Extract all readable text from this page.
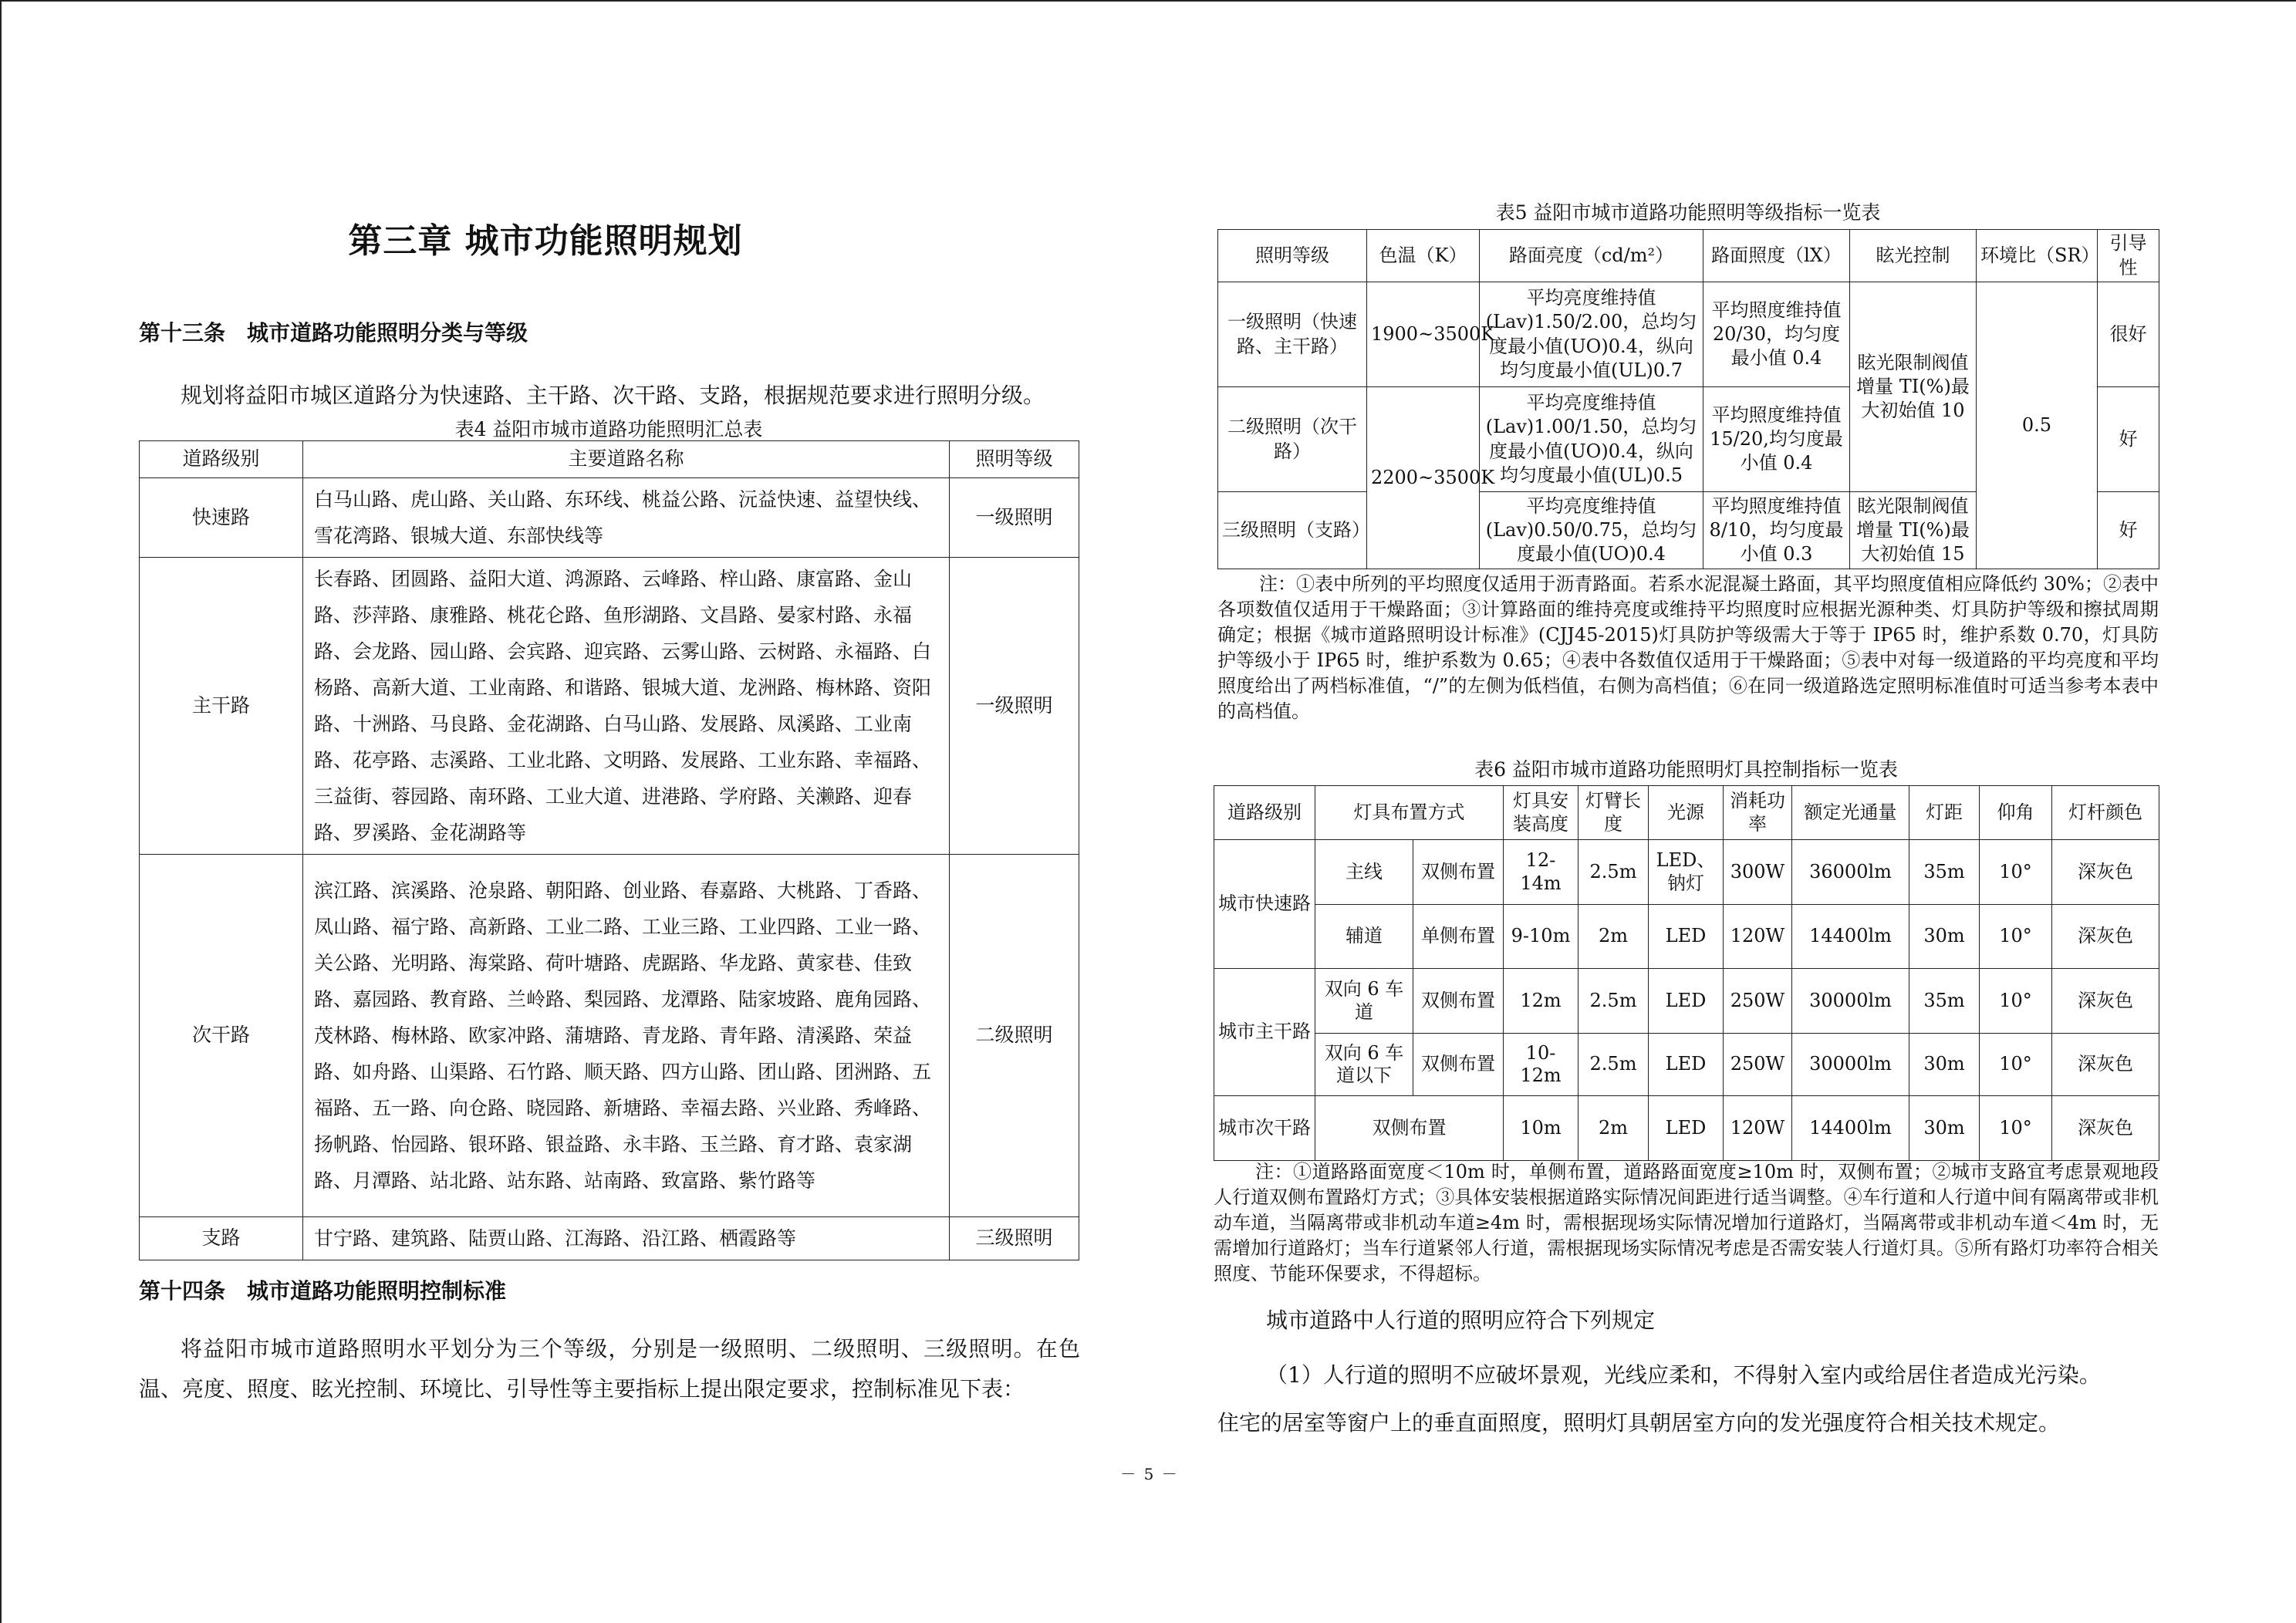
第三章 城市功能照明规划
第十三条　城市道路功能照明分类与等级
规划将益阳市城区道路分为快速路、主干路、次干路、支路，根据规范要求进行照明分级。
表4 益阳市城市道路功能照明汇总表
道路级别	主要道路名称	照明等级
快速路	白马山路、虎山路、关山路、东环线、桃益公路、沅益快速、益望快线、雪花湾路、银城大道、东部快线等	一级照明
主干路	长春路、团圆路、益阳大道、鸿源路、云峰路、梓山路、康富路、金山路、莎萍路、康雅路、桃花仑路、鱼形湖路、文昌路、晏家村路、永福路、会龙路、园山路、会宾路、迎宾路、云雾山路、云树路、永福路、白杨路、高新大道、工业南路、和谐路、银城大道、龙洲路、梅林路、资阳路、十洲路、马良路、金花湖路、白马山路、发展路、凤溪路、工业南路、花亭路、志溪路、工业北路、文明路、发展路、工业东路、幸福路、三益街、蓉园路、南环路、工业大道、进港路、学府路、关濑路、迎春路、罗溪路、金花湖路等	一级照明
次干路	滨江路、滨溪路、沧泉路、朝阳路、创业路、春嘉路、大桃路、丁香路、凤山路、福宁路、高新路、工业二路、工业三路、工业四路、工业一路、关公路、光明路、海棠路、荷叶塘路、虎踞路、华龙路、黄家巷、佳致路、嘉园路、教育路、兰岭路、梨园路、龙潭路、陆家坡路、鹿角园路、茂林路、梅林路、欧家冲路、蒲塘路、青龙路、青年路、清溪路、荣益路、如舟路、山渠路、石竹路、顺天路、四方山路、团山路、团洲路、五福路、五一路、向仓路、晓园路、新塘路、幸福去路、兴业路、秀峰路、扬帆路、怡园路、银环路、银益路、永丰路、玉兰路、育才路、袁家湖路、月潭路、站北路、站东路、站南路、致富路、紫竹路等	二级照明
支路	甘宁路、建筑路、陆贾山路、江海路、沿江路、栖霞路等	三级照明
第十四条　城市道路功能照明控制标准
将益阳市城市道路照明水平划分为三个等级，分别是一级照明、二级照明、三级照明。在色温、亮度、照度、眩光控制、环境比、引导性等主要指标上提出限定要求，控制标准见下表：
表5 益阳市城市道路功能照明等级指标一览表
照明等级	色温（K）	路面亮度（cd/m²）	路面照度（lX）	眩光控制	环境比（SR）	引导性
一级照明（快速路、主干路）	1900~3500K	平均亮度维持值(Lav)1.50/2.00，总均匀度最小值(UO)0.4，纵向均匀度最小值(UL)0.7	平均照度维持值20/30，均匀度最小值 0.4	眩光限制阀值增量 TI(%)最大初始值 10	0.5	很好
二级照明（次干路）	2200~3500K	平均亮度维持值(Lav)1.00/1.50，总均匀度最小值(UO)0.4，纵向均匀度最小值(UL)0.5	平均照度维持值15/20,均匀度最小值 0.4			好
三级照明（支路）		平均亮度维持值(Lav)0.50/0.75，总均匀度最小值(UO)0.4	平均照度维持值8/10，均匀度最小值 0.3	眩光限制阀值增量 TI(%)最大初始值 15		好
注：①表中所列的平均照度仅适用于沥青路面。若系水泥混凝土路面，其平均照度值相应降低约 30%；②表中各项数值仅适用于干燥路面；③计算路面的维持亮度或维持平均照度时应根据光源种类、灯具防护等级和擦拭周期确定；根据《城市道路照明设计标准》(CJJ45-2015)灯具防护等级需大于等于 IP65 时，维护系数 0.70，灯具防护等级小于 IP65 时，维护系数为 0.65；④表中各数值仅适用于干燥路面；⑤表中对每一级道路的平均亮度和平均照度给出了两档标准值，“/”的左侧为低档值，右侧为高档值；⑥在同一级道路选定照明标准值时可适当参考本表中的高档值。
表6 益阳市城市道路功能照明灯具控制指标一览表
道路级别	灯具布置方式		灯具安装高度	灯臂长度	光源	消耗功率	额定光通量	灯距	仰角	灯杆颜色
城市快速路	主线	双侧布置	12-14m	2.5m	LED、钠灯	300W	36000lm	35m	10°	深灰色
	辅道	单侧布置	9-10m	2m	LED	120W	14400lm	30m	10°	深灰色
城市主干路	双向 6 车道	双侧布置	12m	2.5m	LED	250W	30000lm	35m	10°	深灰色
	双向 6 车道以下	双侧布置	10-12m	2.5m	LED	250W	30000lm	30m	10°	深灰色
城市次干路	双侧布置		10m	2m	LED	120W	14400lm	30m	10°	深灰色
注：①道路路面宽度＜10m 时，单侧布置，道路路面宽度≥10m 时，双侧布置；②城市支路宜考虑景观地段人行道双侧布置路灯方式；③具体安装根据道路实际情况间距进行适当调整。④车行道和人行道中间有隔离带或非机动车道，当隔离带或非机动车道≥4m 时，需根据现场实际情况增加行道路灯，当隔离带或非机动车道＜4m 时，无需增加行道路灯；当车行道紧邻人行道，需根据现场实际情况考虑是否需安装人行道灯具。⑤所有路灯功率符合相关照度、节能环保要求，不得超标。
城市道路中人行道的照明应符合下列规定
（1）人行道的照明不应破坏景观，光线应柔和，不得射入室内或给居住者造成光污染。
住宅的居室等窗户上的垂直面照度，照明灯具朝居室方向的发光强度符合相关技术规定。
－ 5 －
